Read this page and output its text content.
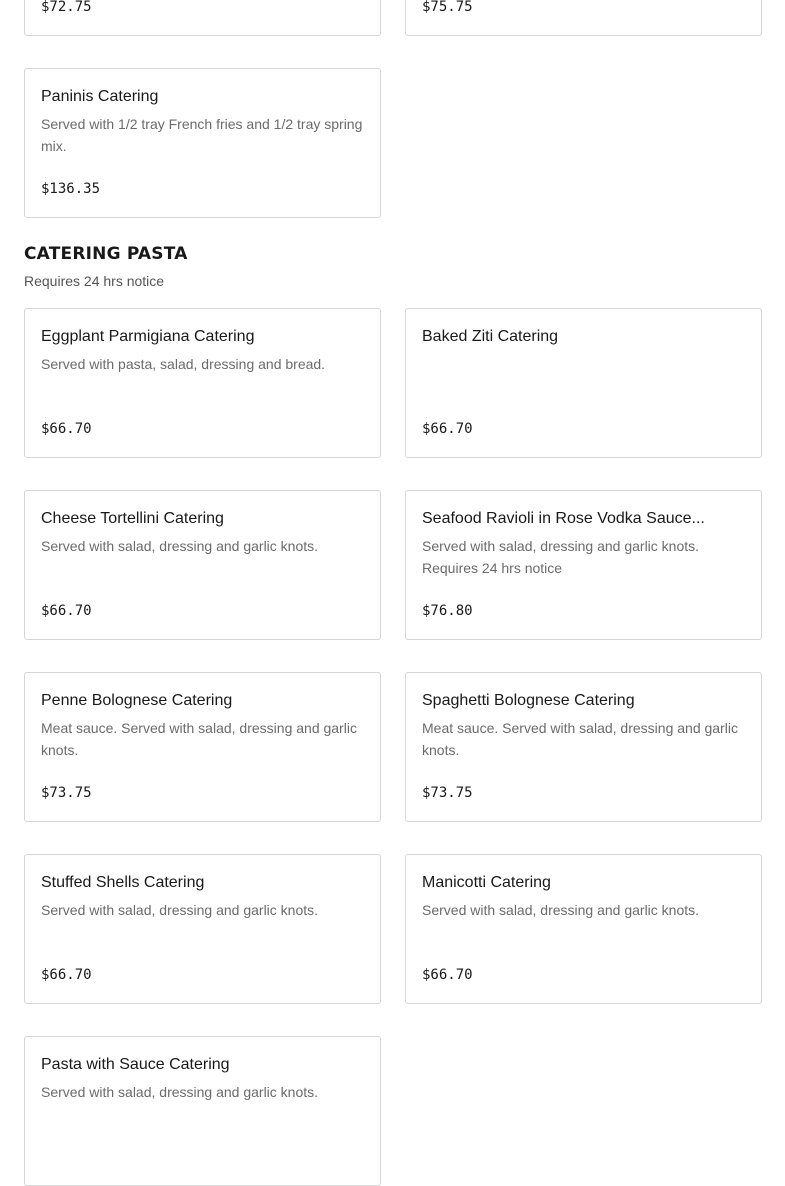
$72.75	$75.75
Paninis Catering
Served with 1/2 tray French fries and 1/2 tray spring mix.
$136.35
CATERING PASTA
Requires 24 hrs notice
Eggplant Parmigiana Catering
Served with pasta, salad, dressing and bread.
$66.70
Baked Ziti Catering
$66.70
Cheese Tortellini Catering
Served with salad, dressing and garlic knots.
$66.70
Seafood Ravioli in Rose Vodka Sauce...
Served with salad, dressing and garlic knots. Requires 24 hrs notice
$76.80
Penne Bolognese Catering
Meat sauce. Served with salad, dressing and garlic knots.
$73.75
Spaghetti Bolognese Catering
Meat sauce. Served with salad, dressing and garlic knots.
$73.75
Stuffed Shells Catering
Served with salad, dressing and garlic knots.
$66.70
Manicotti Catering
Served with salad, dressing and garlic knots.
$66.70
Pasta with Sauce Catering
Served with salad, dressing and garlic knots.
